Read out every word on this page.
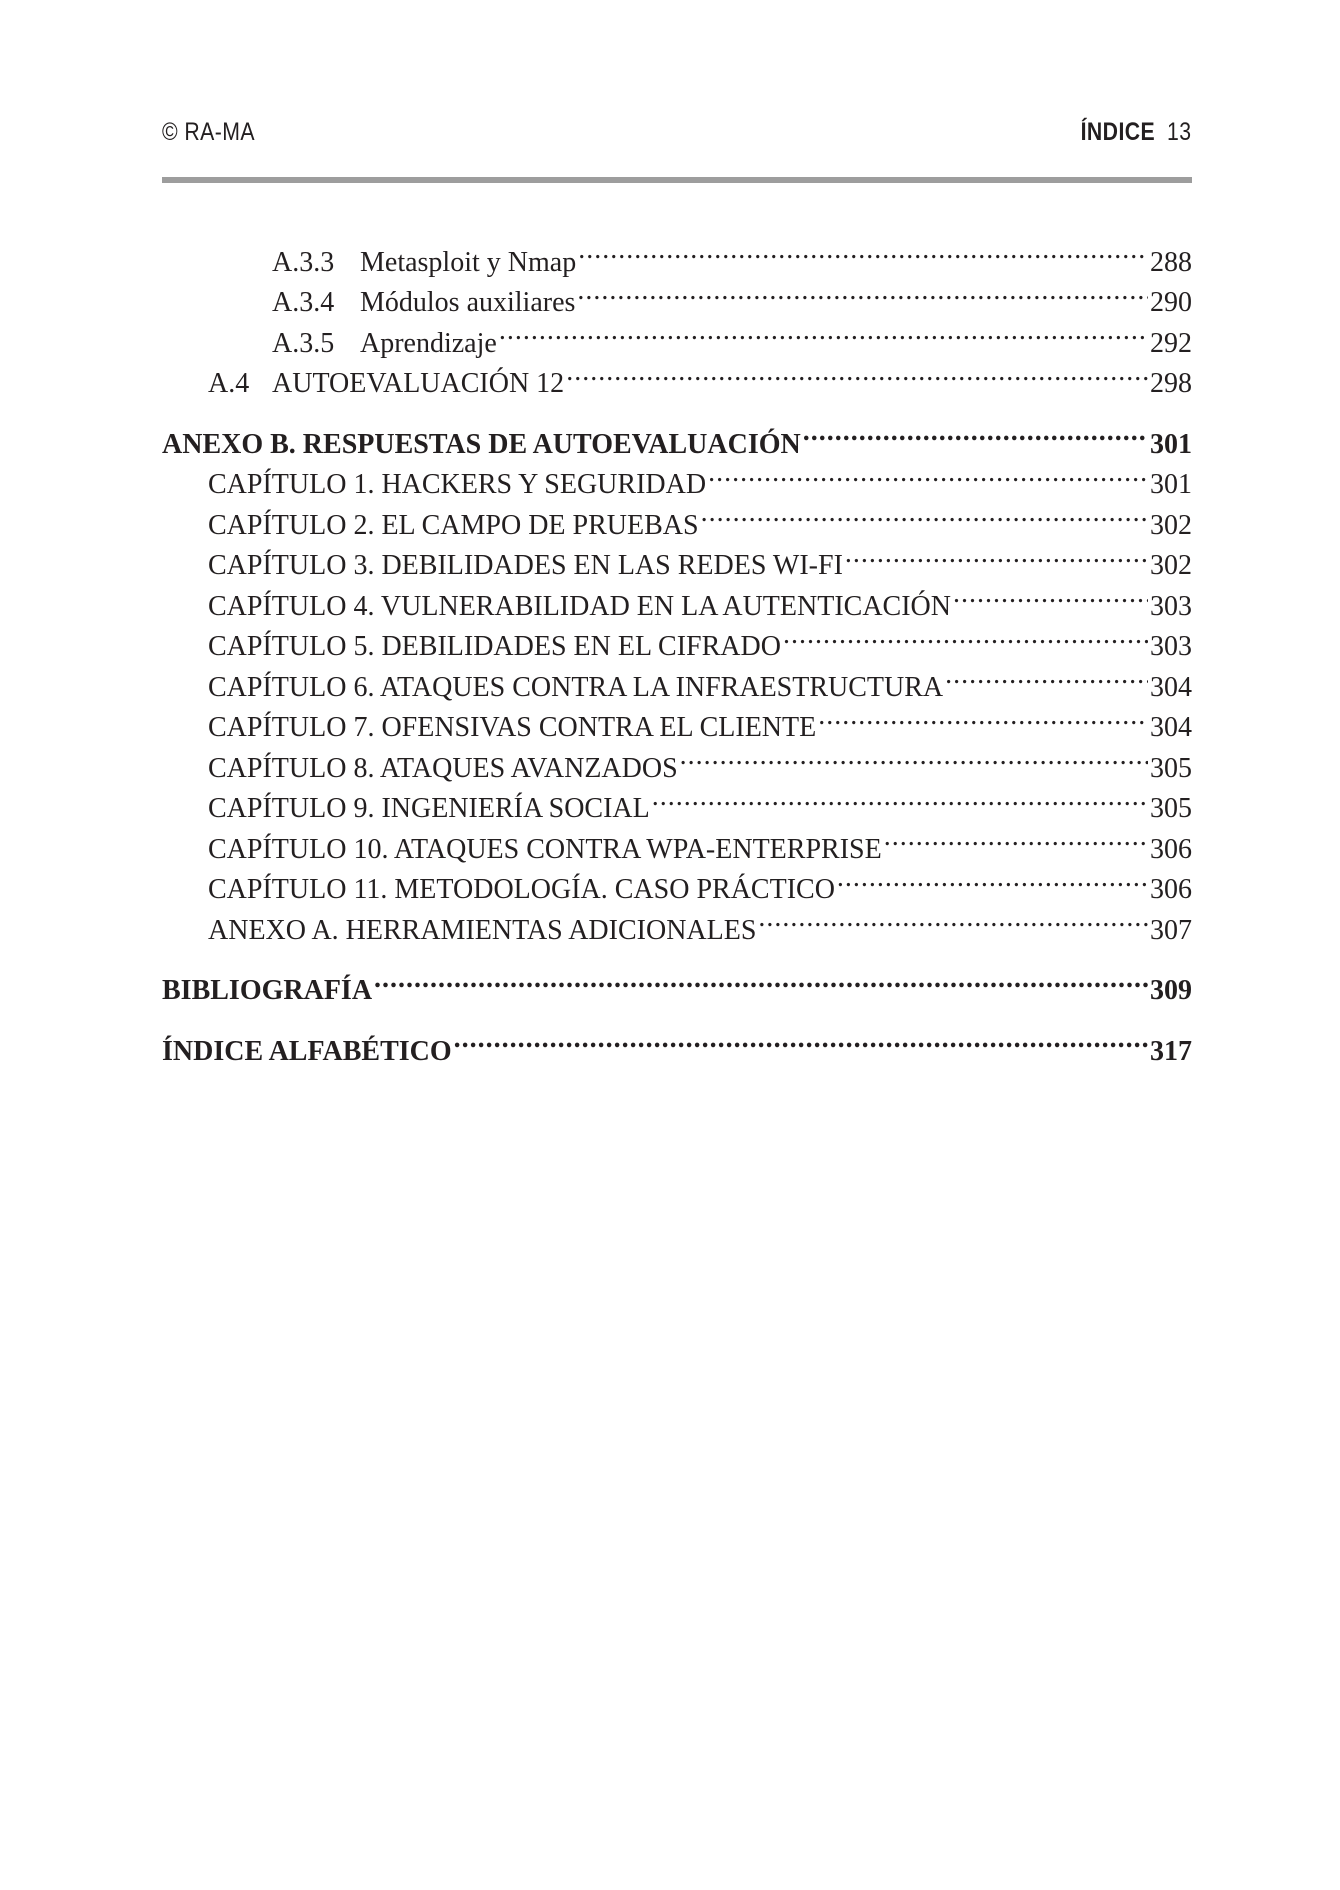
© RA-MA	ÍNDICE 13
A.3.3 Metasploit y Nmap .....	288
A.3.4 Módulos auxiliares .....	290
A.3.5 Aprendizaje .....	292
A.4 AUTOEVALUACIÓN 12 .....	298
ANEXO B. RESPUESTAS DE AUTOEVALUACIÓN .....	301
CAPÍTULO 1. HACKERS Y SEGURIDAD .....	301
CAPÍTULO 2. EL CAMPO DE PRUEBAS .....	302
CAPÍTULO 3. DEBILIDADES EN LAS REDES WI-FI .....	302
CAPÍTULO 4. VULNERABILIDAD EN LA AUTENTICACIÓN .....	303
CAPÍTULO 5. DEBILIDADES EN EL CIFRADO .....	303
CAPÍTULO 6. ATAQUES CONTRA LA INFRAESTRUCTURA .....	304
CAPÍTULO 7. OFENSIVAS CONTRA EL CLIENTE .....	304
CAPÍTULO 8. ATAQUES AVANZADOS .....	305
CAPÍTULO 9. INGENIERÍA SOCIAL .....	305
CAPÍTULO 10. ATAQUES CONTRA WPA-ENTERPRISE .....	306
CAPÍTULO 11. METODOLOGÍA. CASO PRÁCTICO .....	306
ANEXO A. HERRAMIENTAS ADICIONALES .....	307
BIBLIOGRAFÍA .....	309
ÍNDICE ALFABÉTICO .....	317
